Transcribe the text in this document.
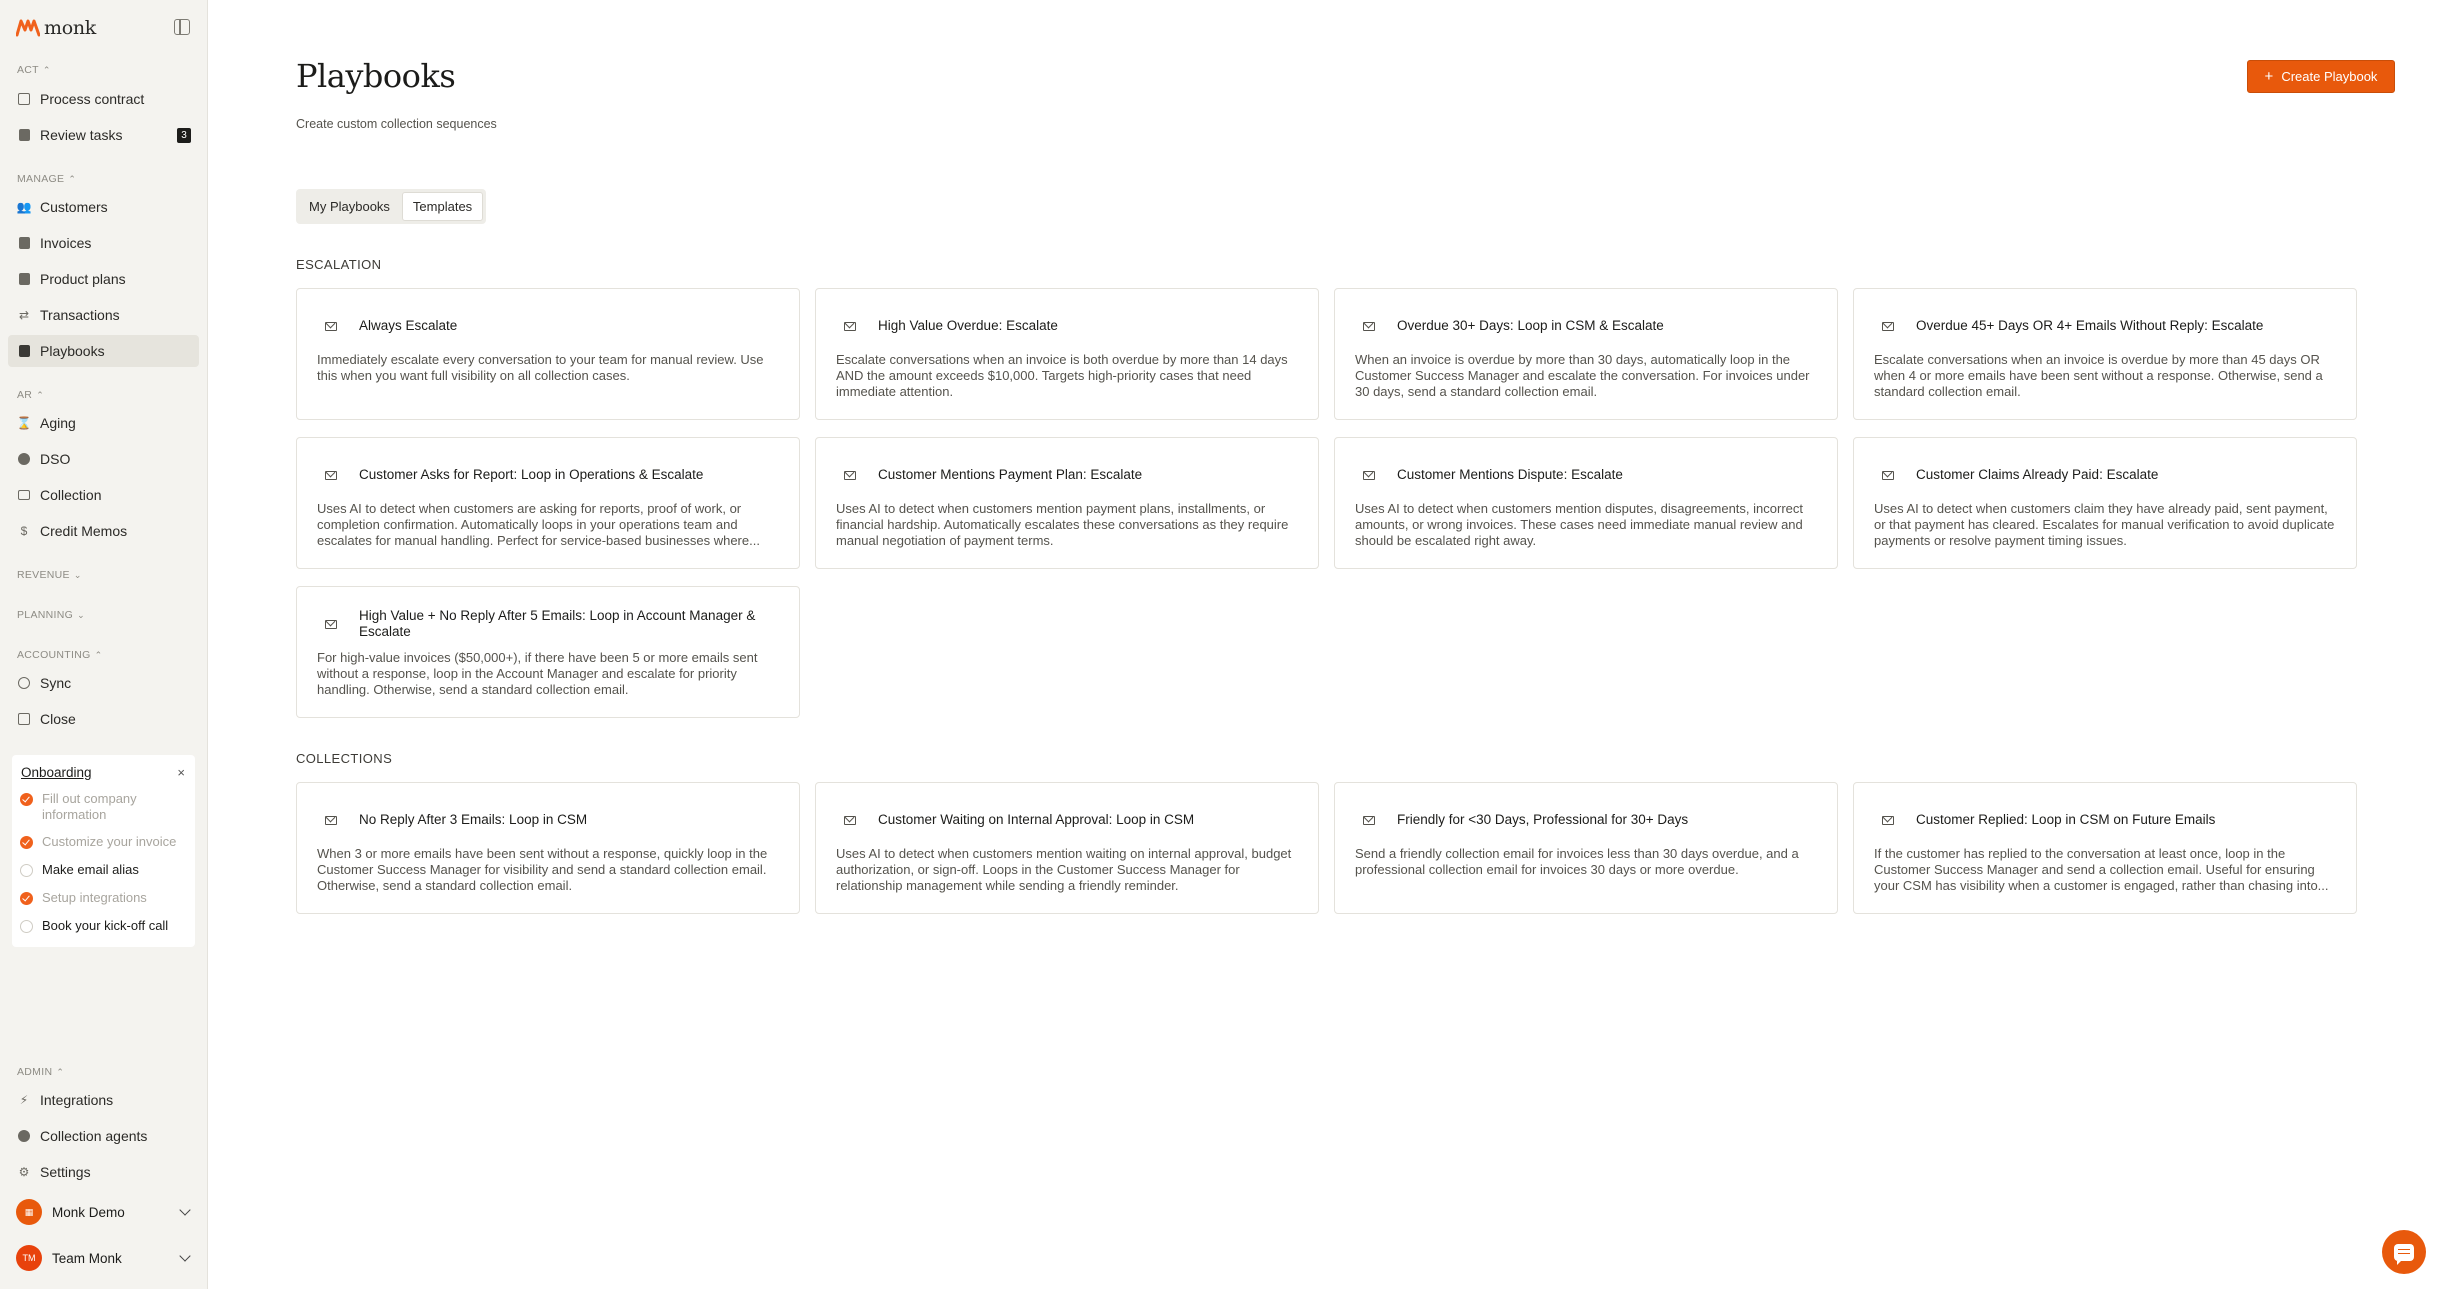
monk
ACT ⌃
Process contract
Review tasks	3
MANAGE ⌃
👥 Customers
Invoices
Product plans
⇄ Transactions
Playbooks
AR ⌃
⌛ Aging
DSO
Collection
$ Credit Memos
REVENUE ⌄
PLANNING ⌄
ACCOUNTING ⌃
Sync
Close
Onboarding	×
Fill out company information
Customize your invoice
Make email alias
Setup integrations
Book your kick-off call
ADMIN ⌃
⚡ Integrations
Collection agents
⚙ Settings
▦	Monk Demo
TM	Team Monk
Playbooks
Create custom collection sequences
+ Create Playbook
My Playbooks	Templates
ESCALATION
Always Escalate
Immediately escalate every conversation to your team for manual review. Use this when you want full visibility on all collection cases.
High Value Overdue: Escalate
Escalate conversations when an invoice is both overdue by more than 14 days AND the amount exceeds $10,000. Targets high-priority cases that need immediate attention.
Overdue 30+ Days: Loop in CSM & Escalate
When an invoice is overdue by more than 30 days, automatically loop in the Customer Success Manager and escalate the conversation. For invoices under 30 days, send a standard collection email.
Overdue 45+ Days OR 4+ Emails Without Reply: Escalate
Escalate conversations when an invoice is overdue by more than 45 days OR when 4 or more emails have been sent without a response. Otherwise, send a standard collection email.
Customer Asks for Report: Loop in Operations & Escalate
Uses AI to detect when customers are asking for reports, proof of work, or completion confirmation. Automatically loops in your operations team and escalates for manual handling. Perfect for service-based businesses where...
Customer Mentions Payment Plan: Escalate
Uses AI to detect when customers mention payment plans, installments, or financial hardship. Automatically escalates these conversations as they require manual negotiation of payment terms.
Customer Mentions Dispute: Escalate
Uses AI to detect when customers mention disputes, disagreements, incorrect amounts, or wrong invoices. These cases need immediate manual review and should be escalated right away.
Customer Claims Already Paid: Escalate
Uses AI to detect when customers claim they have already paid, sent payment, or that payment has cleared. Escalates for manual verification to avoid duplicate payments or resolve payment timing issues.
High Value + No Reply After 5 Emails: Loop in Account Manager & Escalate
For high-value invoices ($50,000+), if there have been 5 or more emails sent without a response, loop in the Account Manager and escalate for priority handling. Otherwise, send a standard collection email.
COLLECTIONS
No Reply After 3 Emails: Loop in CSM
When 3 or more emails have been sent without a response, quickly loop in the Customer Success Manager for visibility and send a standard collection email. Otherwise, send a standard collection email.
Customer Waiting on Internal Approval: Loop in CSM
Uses AI to detect when customers mention waiting on internal approval, budget authorization, or sign-off. Loops in the Customer Success Manager for relationship management while sending a friendly reminder.
Friendly for <30 Days, Professional for 30+ Days
Send a friendly collection email for invoices less than 30 days overdue, and a professional collection email for invoices 30 days or more overdue.
Customer Replied: Loop in CSM on Future Emails
If the customer has replied to the conversation at least once, loop in the Customer Success Manager and send a collection email. Useful for ensuring your CSM has visibility when a customer is engaged, rather than chasing into...
